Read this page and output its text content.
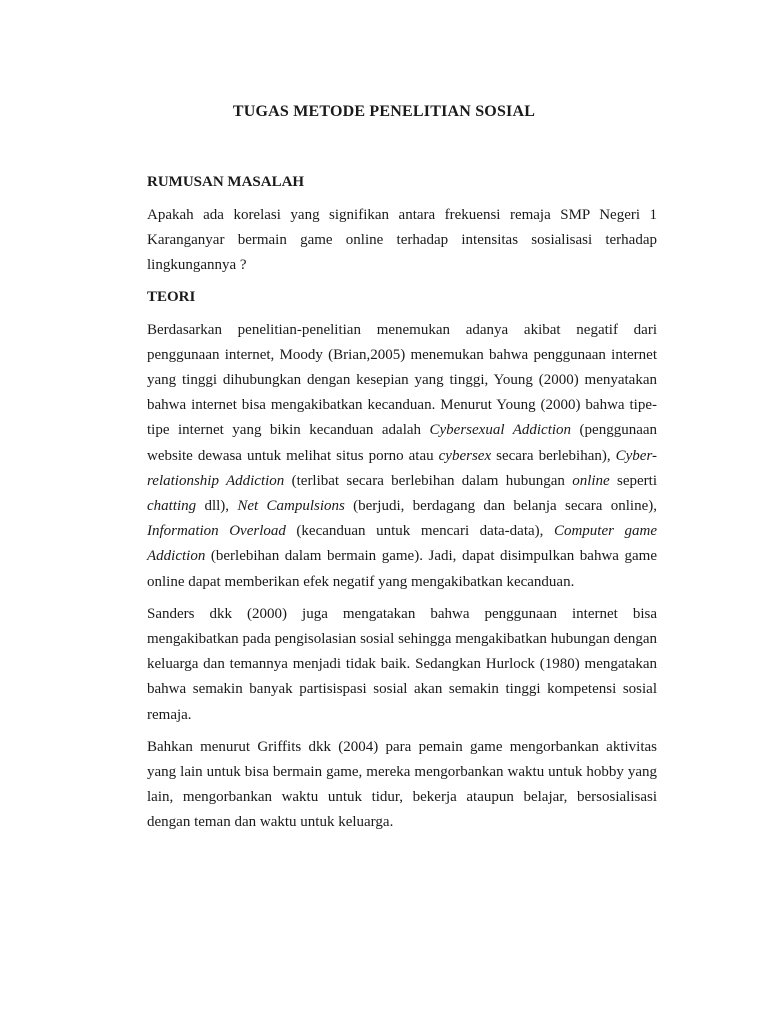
TUGAS METODE PENELITIAN SOSIAL

RUMUSAN MASALAH

Apakah ada korelasi yang signifikan antara frekuensi remaja SMP Negeri 1 Karanganyar bermain game online terhadap intensitas sosialisasi terhadap lingkungannya ?

TEORI

Berdasarkan penelitian-penelitian menemukan adanya akibat negatif dari penggunaan internet, Moody (Brian,2005) menemukan bahwa penggunaan internet yang tinggi dihubungkan dengan kesepian yang tinggi, Young (2000) menyatakan bahwa internet bisa mengakibatkan kecanduan. Menurut Young (2000) bahwa tipe-tipe internet yang bikin kecanduan adalah Cybersexual Addiction (penggunaan website dewasa untuk melihat situs porno atau cybersex secara berlebihan), Cyber-relationship Addiction (terlibat secara berlebihan dalam hubungan online seperti chatting dll), Net Campulsions (berjudi, berdagang dan belanja secara online), Information Overload (kecanduan untuk mencari data-data), Computer game Addiction (berlebihan dalam bermain game). Jadi, dapat disimpulkan bahwa game online dapat memberikan efek negatif yang mengakibatkan kecanduan.

Sanders dkk (2000) juga mengatakan bahwa penggunaan internet bisa mengakibatkan pada pengisolasian sosial sehingga mengakibatkan hubungan dengan keluarga dan temannya menjadi tidak baik. Sedangkan Hurlock (1980) mengatakan bahwa semakin banyak partisispasi sosial akan semakin tinggi kompetensi sosial remaja.

Bahkan menurut Griffits dkk (2004) para pemain game mengorbankan aktivitas yang lain untuk bisa bermain game, mereka mengorbankan waktu untuk hobby yang lain, mengorbankan waktu untuk tidur, bekerja ataupun belajar, bersosialisasi dengan teman dan waktu untuk keluarga.
